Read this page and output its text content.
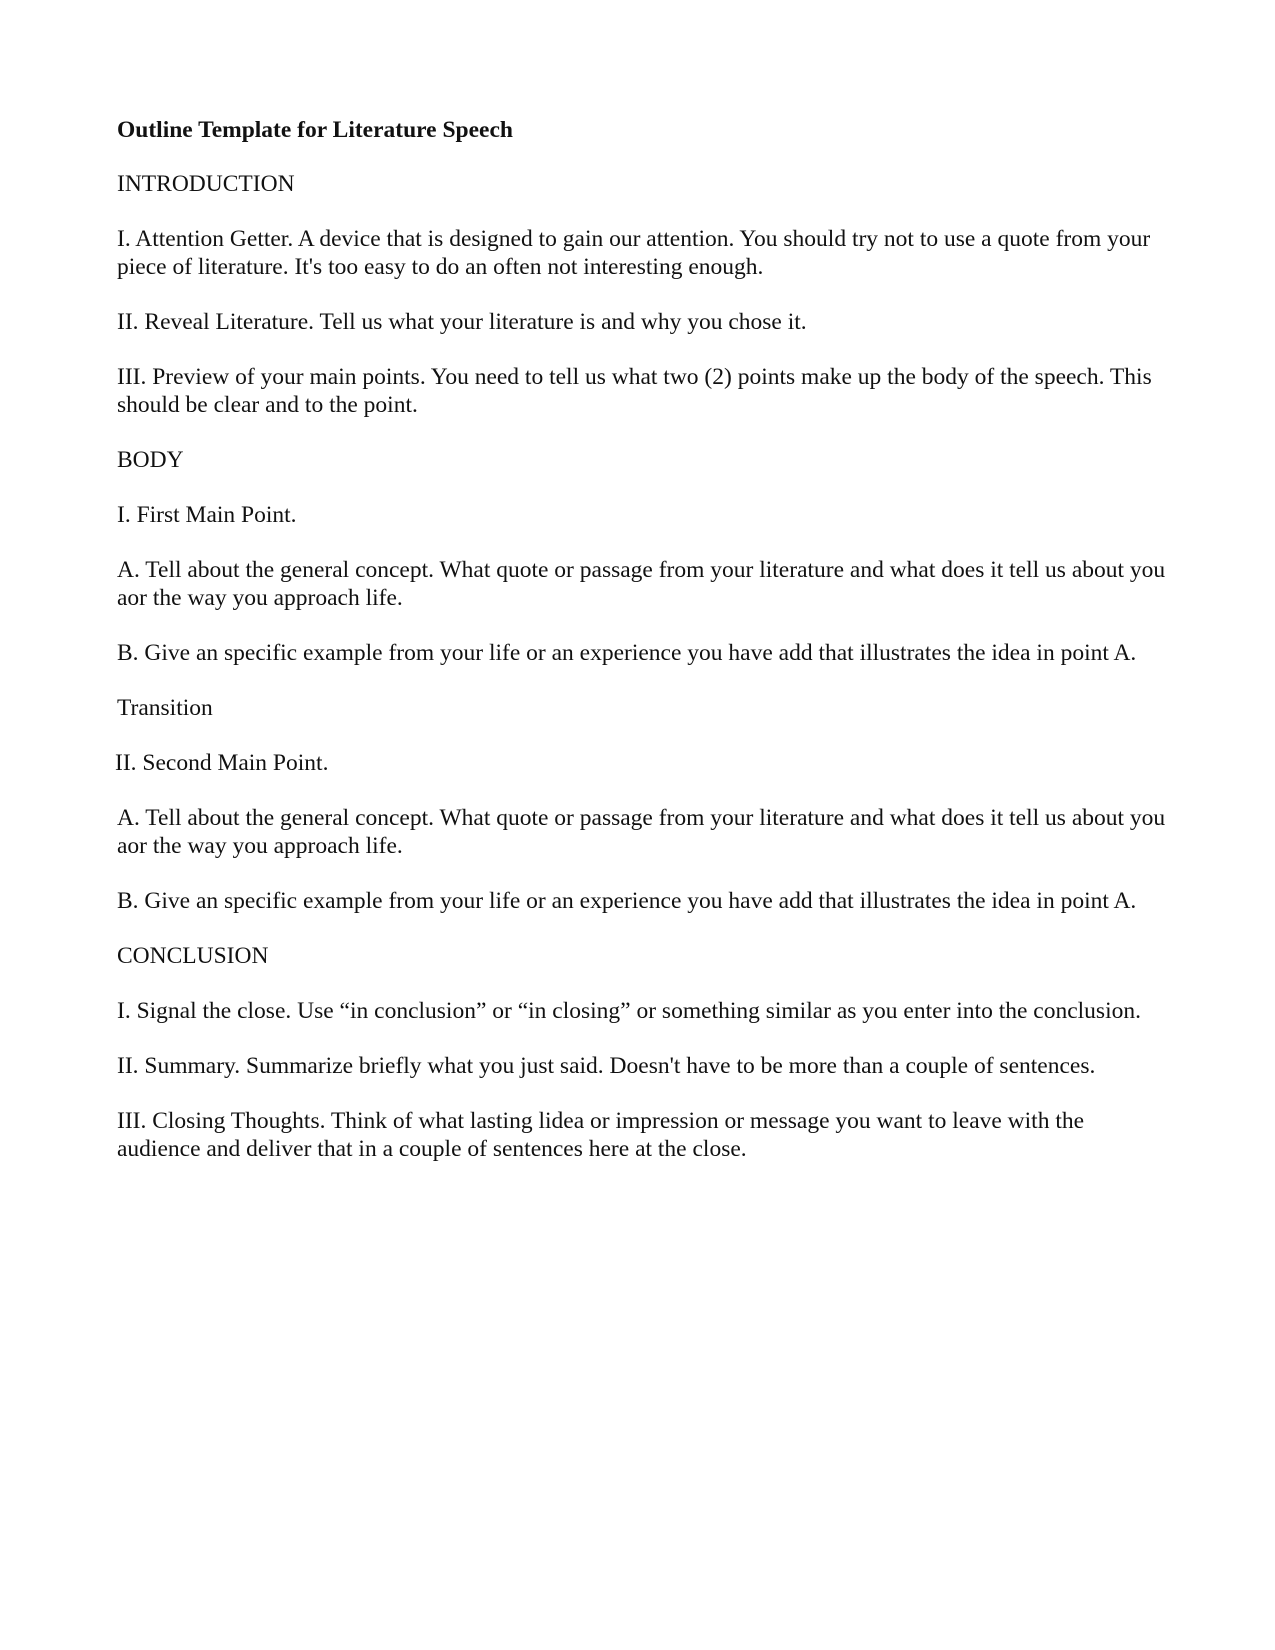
Outline Template for Literature Speech
INTRODUCTION
I. Attention Getter. A device that is designed to gain our attention. You should try not to use a quote from your piece of literature. It's too easy to do an often not interesting enough.
II. Reveal Literature. Tell us what your literature is and why you chose it.
III. Preview of your main points. You need to tell us what two (2) points make up the body of the speech. This should be clear and to the point.
BODY
I. First Main Point.
A. Tell about the general concept. What quote or passage from your literature and what does it tell us about you aor the way you approach life.
B. Give an specific example from your life or an experience you have add that illustrates the idea in point A.
Transition
II. Second Main Point.
A. Tell about the general concept. What quote or passage from your literature and what does it tell us about you aor the way you approach life.
B. Give an specific example from your life or an experience you have add that illustrates the idea in point A.
CONCLUSION
I. Signal the close. Use “in conclusion” or “in closing” or something similar as you enter into the conclusion.
II. Summary. Summarize briefly what you just said. Doesn't have to be more than a couple of sentences.
III. Closing Thoughts. Think of what lasting lidea or impression or message you want to leave with the audience and deliver that in a couple of sentences here at the close.
